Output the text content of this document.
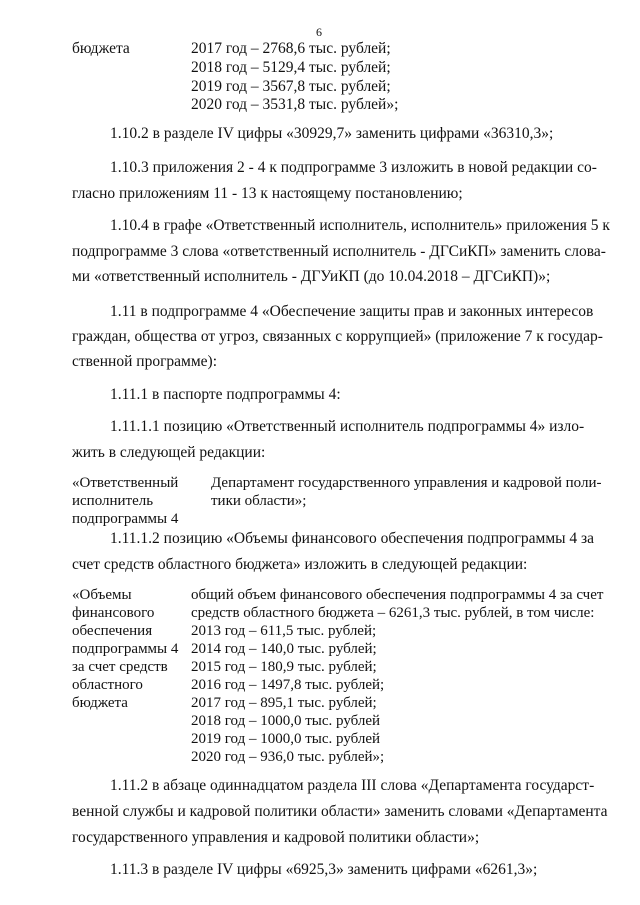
6
бюджета	2017 год – 2768,6 тыс. рублей;
2018 год – 5129,4 тыс. рублей;
2019 год – 3567,8 тыс. рублей;
2020 год – 3531,8 тыс. рублей»;
1.10.2 в разделе IV цифры «30929,7» заменить цифрами «36310,3»;
1.10.3 приложения 2 - 4 к подпрограмме 3 изложить в новой редакции со-
гласно приложениям 11 - 13 к настоящему постановлению;
1.10.4 в графе «Ответственный исполнитель, исполнитель» приложения 5 к
подпрограмме 3 слова «ответственный исполнитель - ДГСиКП» заменить слова-
ми «ответственный исполнитель - ДГУиКП (до 10.04.2018 – ДГСиКП)»;
1.11 в подпрограмме 4 «Обеспечение защиты прав и законных интересов
граждан, общества от угроз, связанных с коррупцией» (приложение 7 к государ-
ственной программе):
1.11.1 в паспорте подпрограммы 4:
1.11.1.1 позицию «Ответственный исполнитель подпрограммы 4» изло-
жить в следующей редакции:
«Ответственный
исполнитель
подпрограммы 4
Департамент государственного управления и кадровой поли-
тики области»;
1.11.1.2 позицию «Объемы финансового обеспечения подпрограммы 4 за
счет средств областного бюджета» изложить в следующей редакции:
«Объемы
финансового
обеспечения
подпрограммы 4
за счет средств
областного
бюджета
общий объем финансового обеспечения подпрограммы 4 за счет
средств областного бюджета – 6261,3 тыс. рублей, в том числе:
2013 год – 611,5 тыс. рублей;
2014 год – 140,0 тыс. рублей;
2015 год – 180,9 тыс. рублей;
2016 год – 1497,8 тыс. рублей;
2017 год – 895,1 тыс. рублей;
2018 год – 1000,0 тыс. рублей
2019 год – 1000,0 тыс. рублей
2020 год – 936,0 тыс. рублей»;
1.11.2 в абзаце одиннадцатом раздела III слова «Департамента государст-
венной службы и кадровой политики области» заменить словами «Департамента
государственного управления и кадровой политики области»;
1.11.3 в разделе IV цифры «6925,3» заменить цифрами «6261,3»;
